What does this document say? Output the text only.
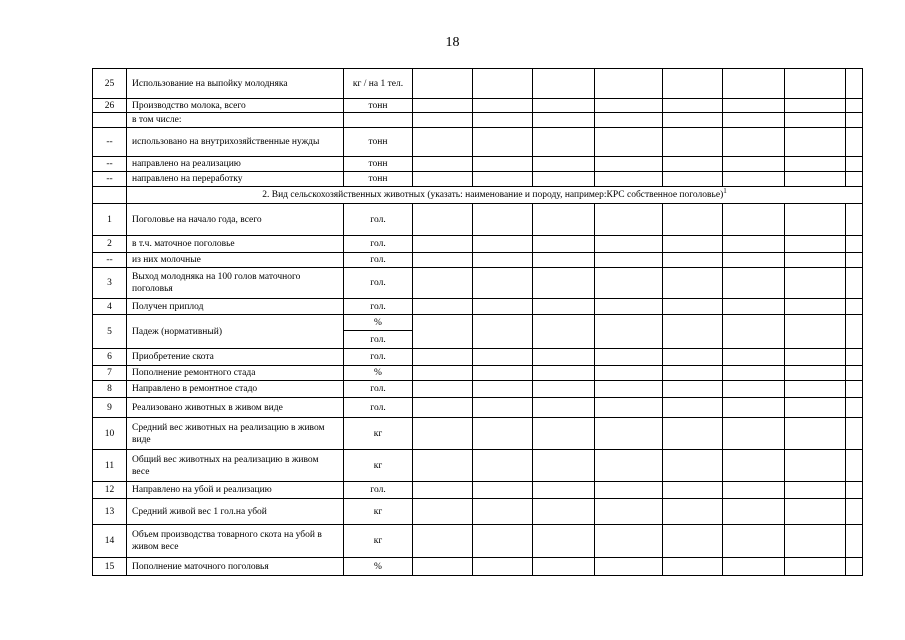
18
25	Использование на выпойку молодняка	кг / на 1 тел.								
26	Производство молока, всего	тонн								
	в том числе:									
--	использовано на внутрихозяйственные нужды	тонн								
--	направлено на реализацию	тонн								
--	направлено на переработку	тонн								
	2. Вид сельскохозяйственных животных (указать: наименование и породу, например:КРС собственное поголовье)$^1$
1	Поголовье на начало года, всего	гол.								
2	в т.ч. маточное поголовье	гол.								
--	из них молочные	гол.								
3	Выход молодняка на 100 голов маточного поголовья	гол.								
4	Получен приплод	гол.								
5	Падеж (нормативный)	%								
		гол.								
6	Приобретение скота	гол.								
7	Пополнение ремонтного стада	%								
8	Направлено в ремонтное стадо	гол.								
9	Реализовано животных в живом виде	гол.								
10	Средний вес животных на реализацию в живом виде	кг								
11	Общий вес животных на реализацию в живом весе	кг								
12	Направлено на убой и реализацию	гол.								
13	Средний живой вес 1 гол.на убой	кг								
14	Объем производства товарного скота на убой в живом весе	кг								
15	Пополнение маточного поголовья	%								
